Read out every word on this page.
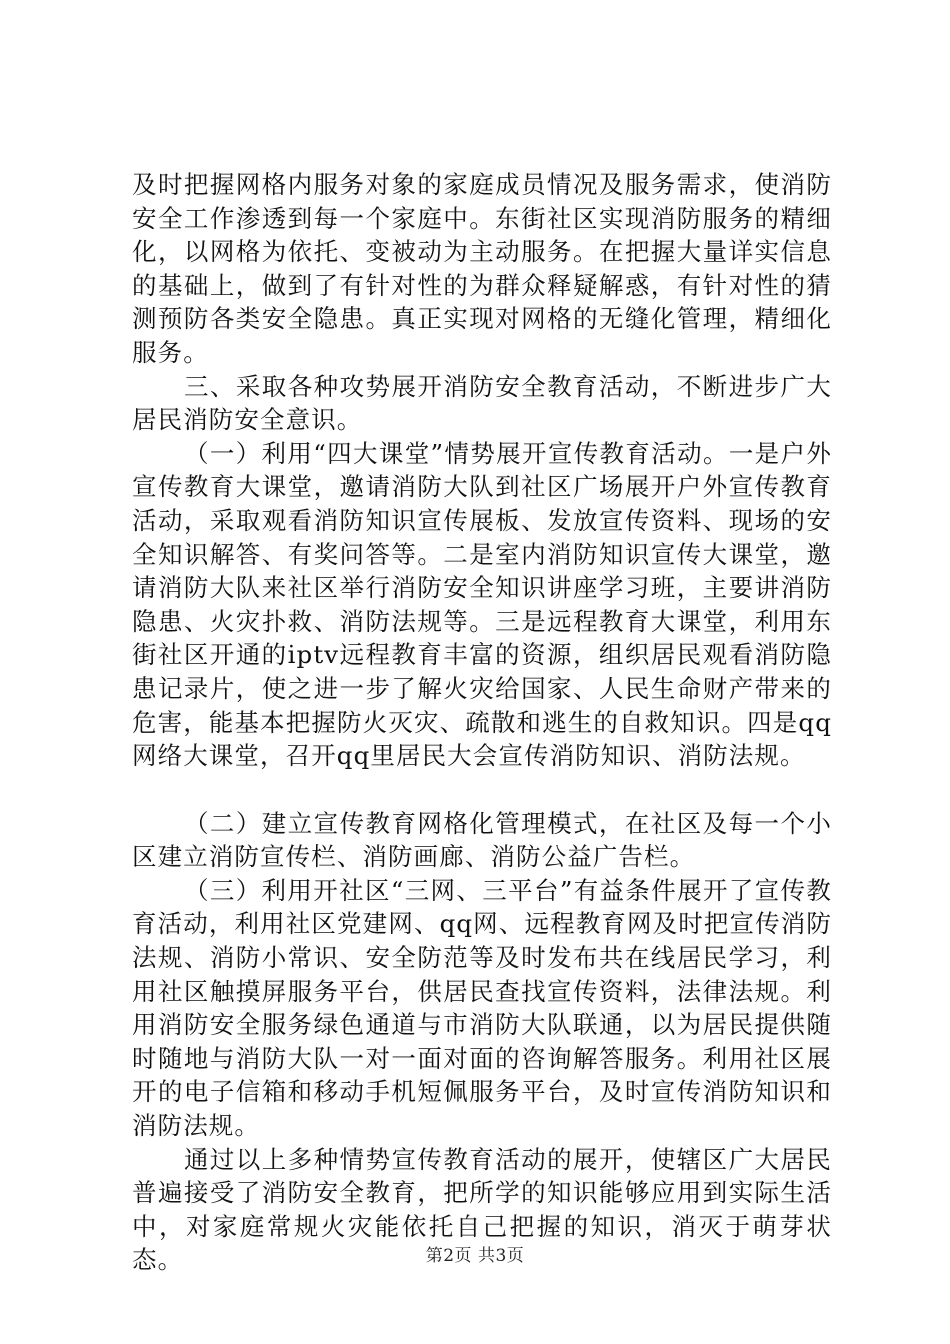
及时把握网格内服务对象的家庭成员情况及服务需求，使消防安全工作渗透到每一个家庭中。东街社区实现消防服务的精细化，以网格为依托、变被动为主动服务。在把握大量详实信息的基础上，做到了有针对性的为群众释疑解惑，有针对性的猜测预防各类安全隐患。真正实现对网格的无缝化管理，精细化服务。

三、采取各种攻势展开消防安全教育活动，不断进步广大居民消防安全意识。

（一）利用“四大课堂”情势展开宣传教育活动。一是户外宣传教育大课堂，邀请消防大队到社区广场展开户外宣传教育活动，采取观看消防知识宣传展板、发放宣传资料、现场的安全知识解答、有奖问答等。二是室内消防知识宣传大课堂，邀请消防大队来社区举行消防安全知识讲座学习班，主要讲消防隐患、火灾扑救、消防法规等。三是远程教育大课堂，利用东街社区开通的iptv远程教育丰富的资源，组织居民观看消防隐患记录片，使之进一步了解火灾给国家、人民生命财产带来的危害，能基本把握防火灭灾、疏散和逃生的自救知识。四是qq网络大课堂，召开qq里居民大会宣传消防知识、消防法规。

（二）建立宣传教育网格化管理模式，在社区及每一个小区建立消防宣传栏、消防画廊、消防公益广告栏。

（三）利用开社区“三网、三平台”有益条件展开了宣传教育活动，利用社区党建网、qq网、远程教育网及时把宣传消防法规、消防小常识、安全防范等及时发布共在线居民学习，利用社区触摸屏服务平台，供居民查找宣传资料，法律法规。利用消防安全服务绿色通道与市消防大队联通，以为居民提供随时随地与消防大队一对一面对面的咨询解答服务。利用社区展开的电子信箱和移动手机短佩服务平台，及时宣传消防知识和消防法规。

通过以上多种情势宣传教育活动的展开，使辖区广大居民普遍接受了消防安全教育，把所学的知识能够应用到实际生活中，对家庭常规火灾能依托自己把握的知识，消灭于萌芽状态。	第2页 共3页
